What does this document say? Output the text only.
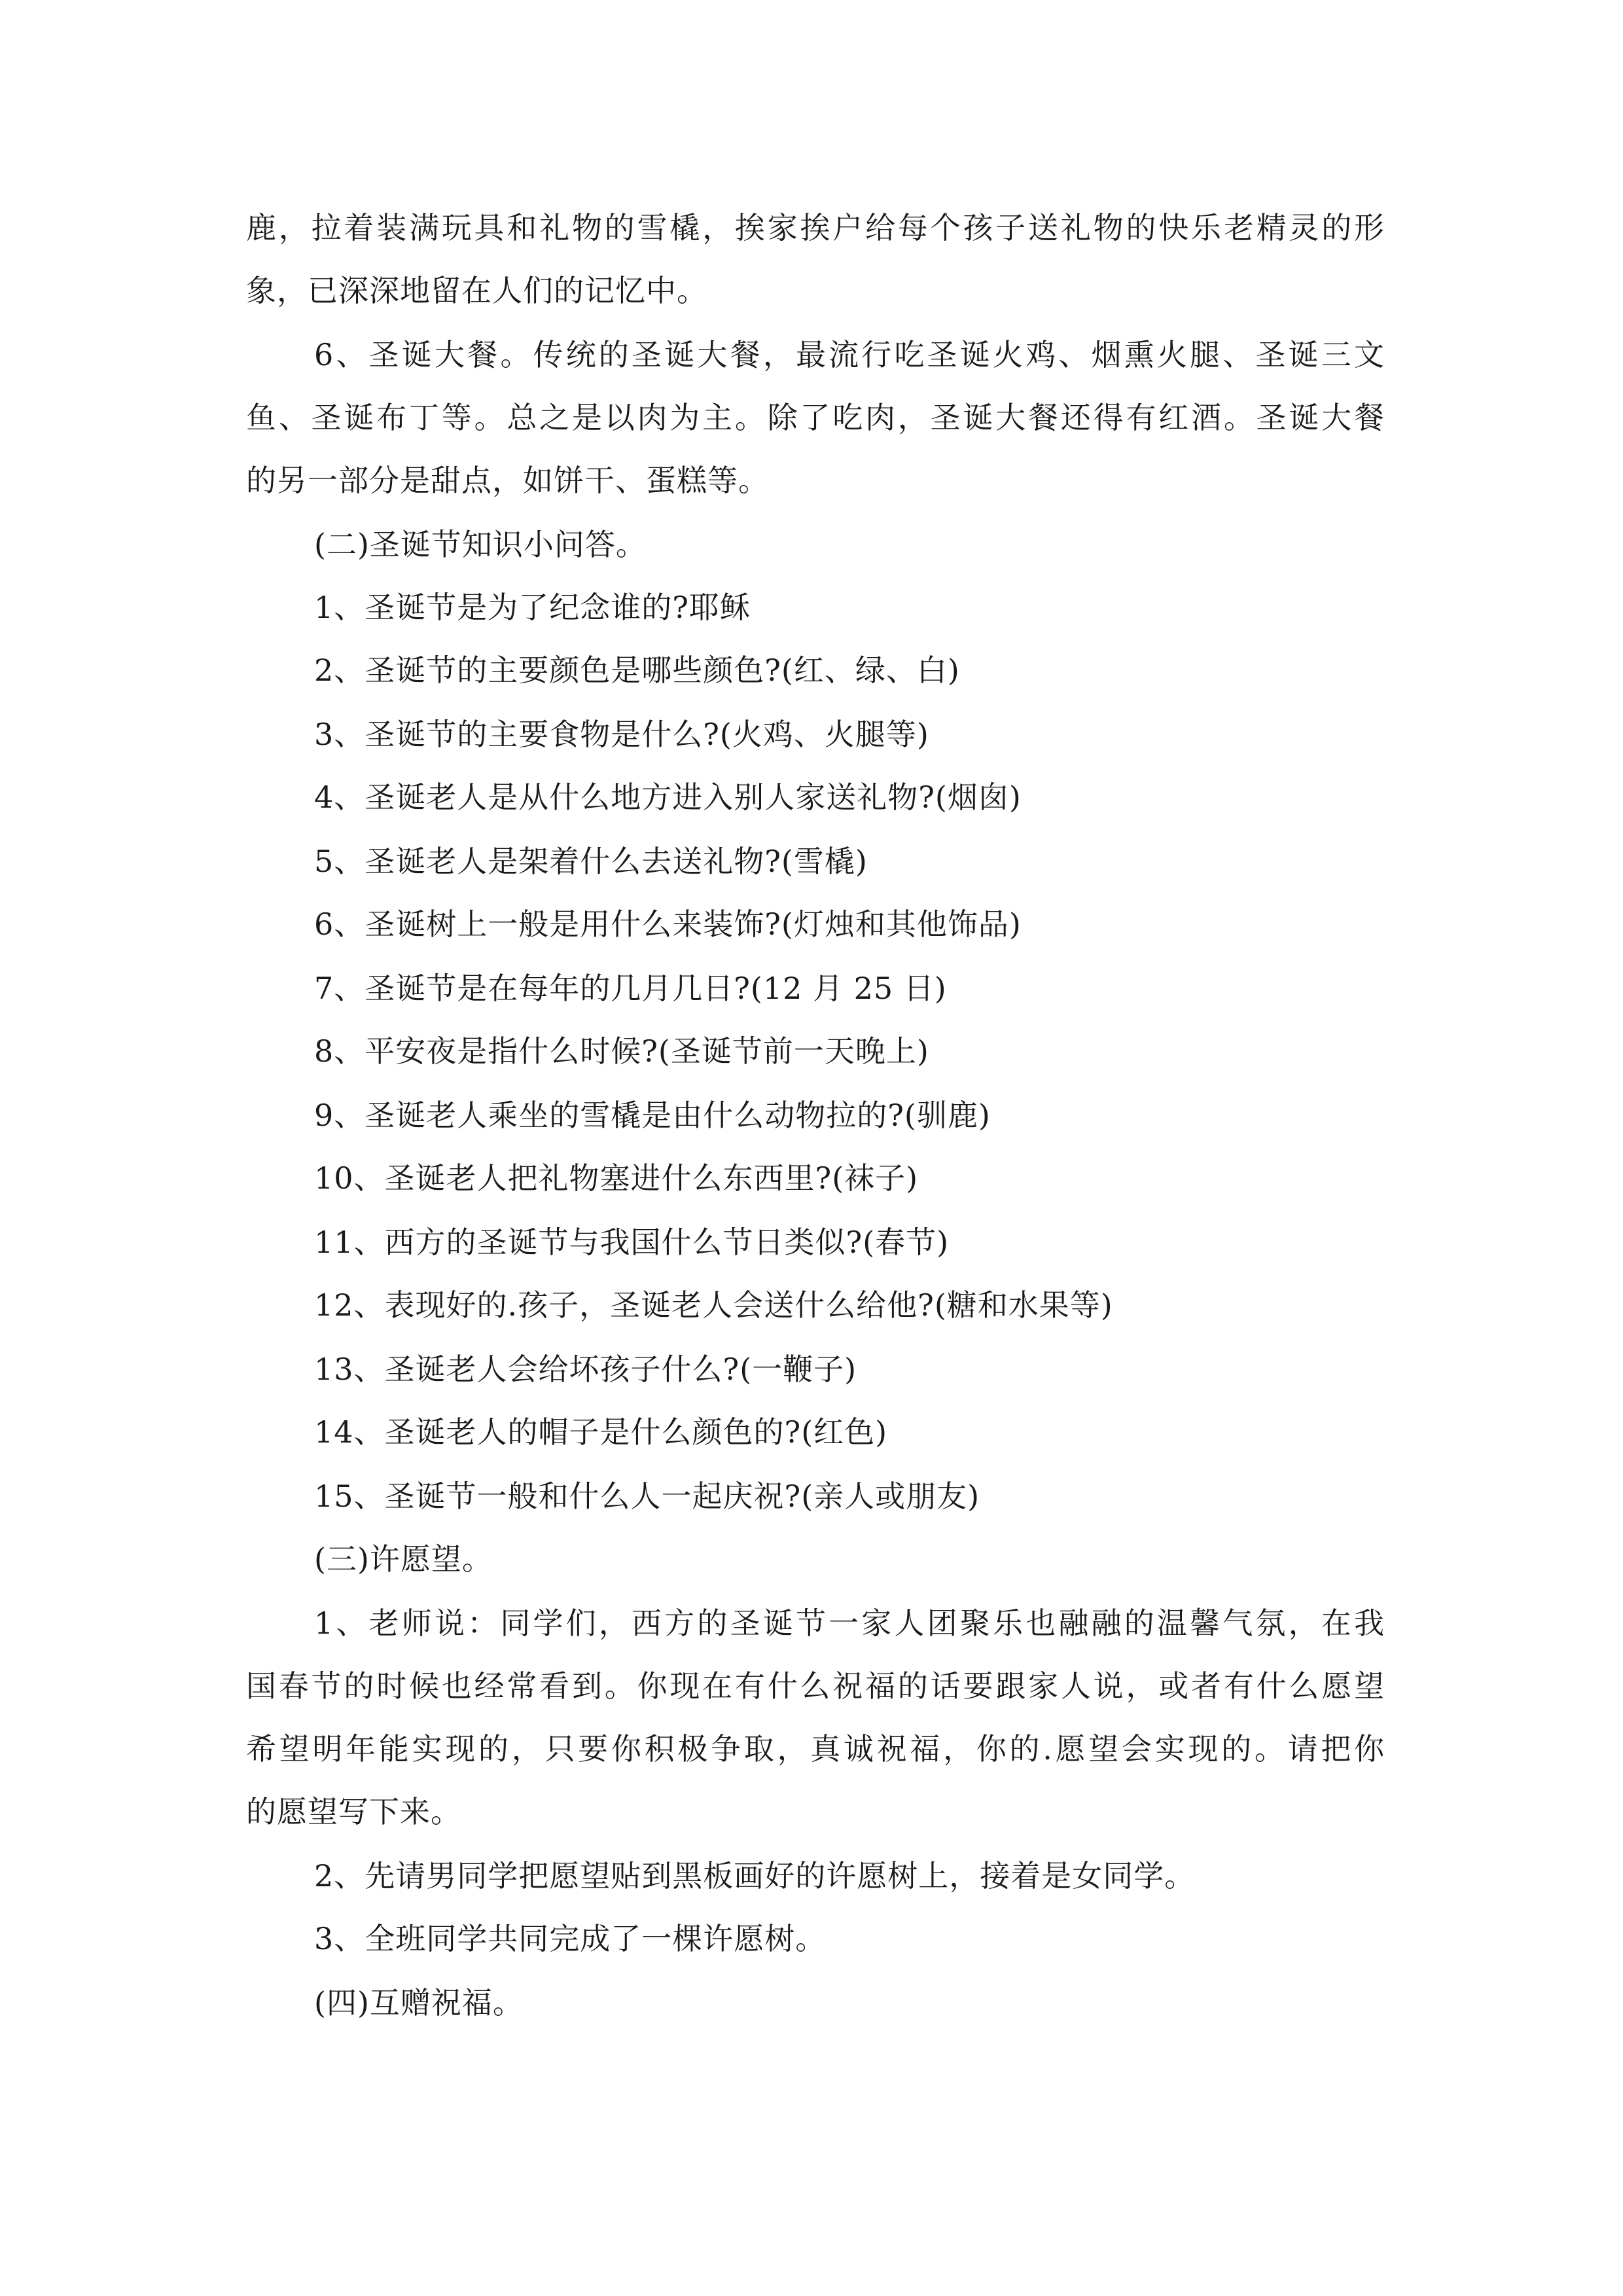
鹿，拉着装满玩具和礼物的雪橇，挨家挨户给每个孩子送礼物的快乐老精灵的形
象，已深深地留在人们的记忆中。
6、圣诞大餐。传统的圣诞大餐，最流行吃圣诞火鸡、烟熏火腿、圣诞三文
鱼、圣诞布丁等。总之是以肉为主。除了吃肉，圣诞大餐还得有红酒。圣诞大餐
的另一部分是甜点，如饼干、蛋糕等。
(二)圣诞节知识小问答。
1、圣诞节是为了纪念谁的?耶稣
2、圣诞节的主要颜色是哪些颜色?(红、绿、白)
3、圣诞节的主要食物是什么?(火鸡、火腿等)
4、圣诞老人是从什么地方进入别人家送礼物?(烟囱)
5、圣诞老人是架着什么去送礼物?(雪橇)
6、圣诞树上一般是用什么来装饰?(灯烛和其他饰品)
7、圣诞节是在每年的几月几日?(12 月 25 日)
8、平安夜是指什么时候?(圣诞节前一天晚上)
9、圣诞老人乘坐的雪橇是由什么动物拉的?(驯鹿)
10、圣诞老人把礼物塞进什么东西里?(袜子)
11、西方的圣诞节与我国什么节日类似?(春节)
12、表现好的.孩子，圣诞老人会送什么给他?(糖和水果等)
13、圣诞老人会给坏孩子什么?(一鞭子)
14、圣诞老人的帽子是什么颜色的?(红色)
15、圣诞节一般和什么人一起庆祝?(亲人或朋友)
(三)许愿望。
1、老师说：同学们，西方的圣诞节一家人团聚乐也融融的温馨气氛，在我
国春节的时候也经常看到。你现在有什么祝福的话要跟家人说，或者有什么愿望
希望明年能实现的，只要你积极争取，真诚祝福，你的.愿望会实现的。请把你
的愿望写下来。
2、先请男同学把愿望贴到黑板画好的许愿树上，接着是女同学。
3、全班同学共同完成了一棵许愿树。
(四)互赠祝福。
